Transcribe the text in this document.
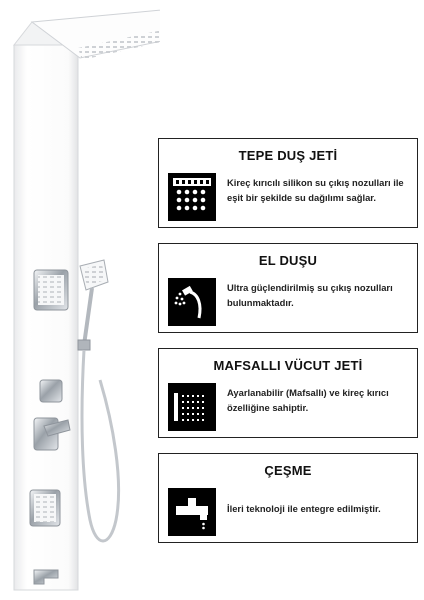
TEPE DUŞ JETİ
Kireç kırıcılı silikon su çıkış nozulları ile eşit bir şekilde su dağılımı sağlar.
EL DUŞU
Ultra güçlendirilmiş su çıkış nozulları bulunmaktadır.
MAFSALLI VÜCUT JETİ
Ayarlanabilir (Mafsallı) ve kireç kırıcı özelliğine sahiptir.
ÇEŞME
İleri teknoloji ile entegre edilmiştir.
